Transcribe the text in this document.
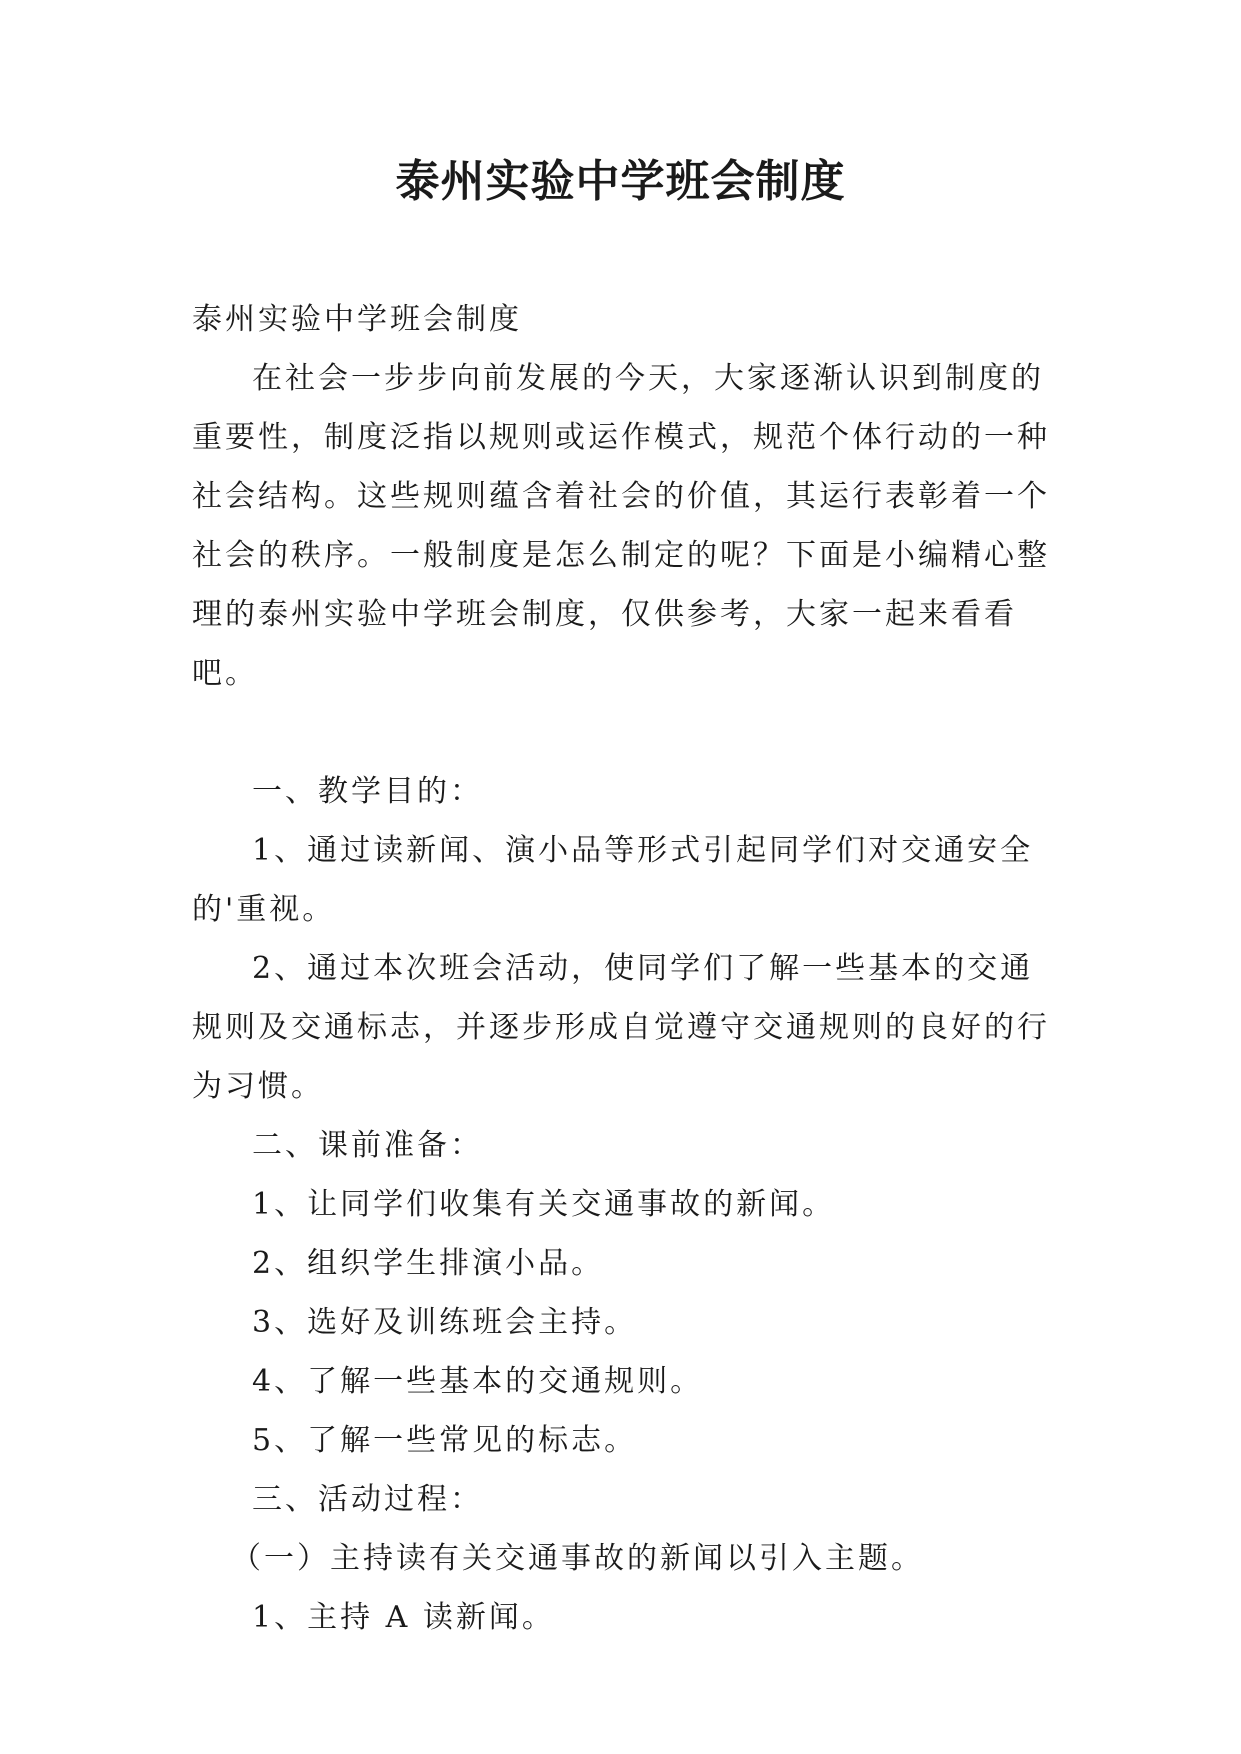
泰州实验中学班会制度

泰州实验中学班会制度

在社会一步步向前发展的今天，大家逐渐认识到制度的重要性，制度泛指以规则或运作模式，规范个体行动的一种社会结构。这些规则蕴含着社会的价值，其运行表彰着一个社会的秩序。一般制度是怎么制定的呢？下面是小编精心整理的泰州实验中学班会制度，仅供参考，大家一起来看看吧。

一、教学目的：

1、通过读新闻、演小品等形式引起同学们对交通安全的'重视。

2、通过本次班会活动，使同学们了解一些基本的交通规则及交通标志，并逐步形成自觉遵守交通规则的良好的行为习惯。

二、课前准备：

1、让同学们收集有关交通事故的新闻。

2、组织学生排演小品。

3、选好及训练班会主持。

4、了解一些基本的交通规则。

5、了解一些常见的标志。

三、活动过程：

（一）主持读有关交通事故的新闻以引入主题。

1、主持 A 读新闻。
